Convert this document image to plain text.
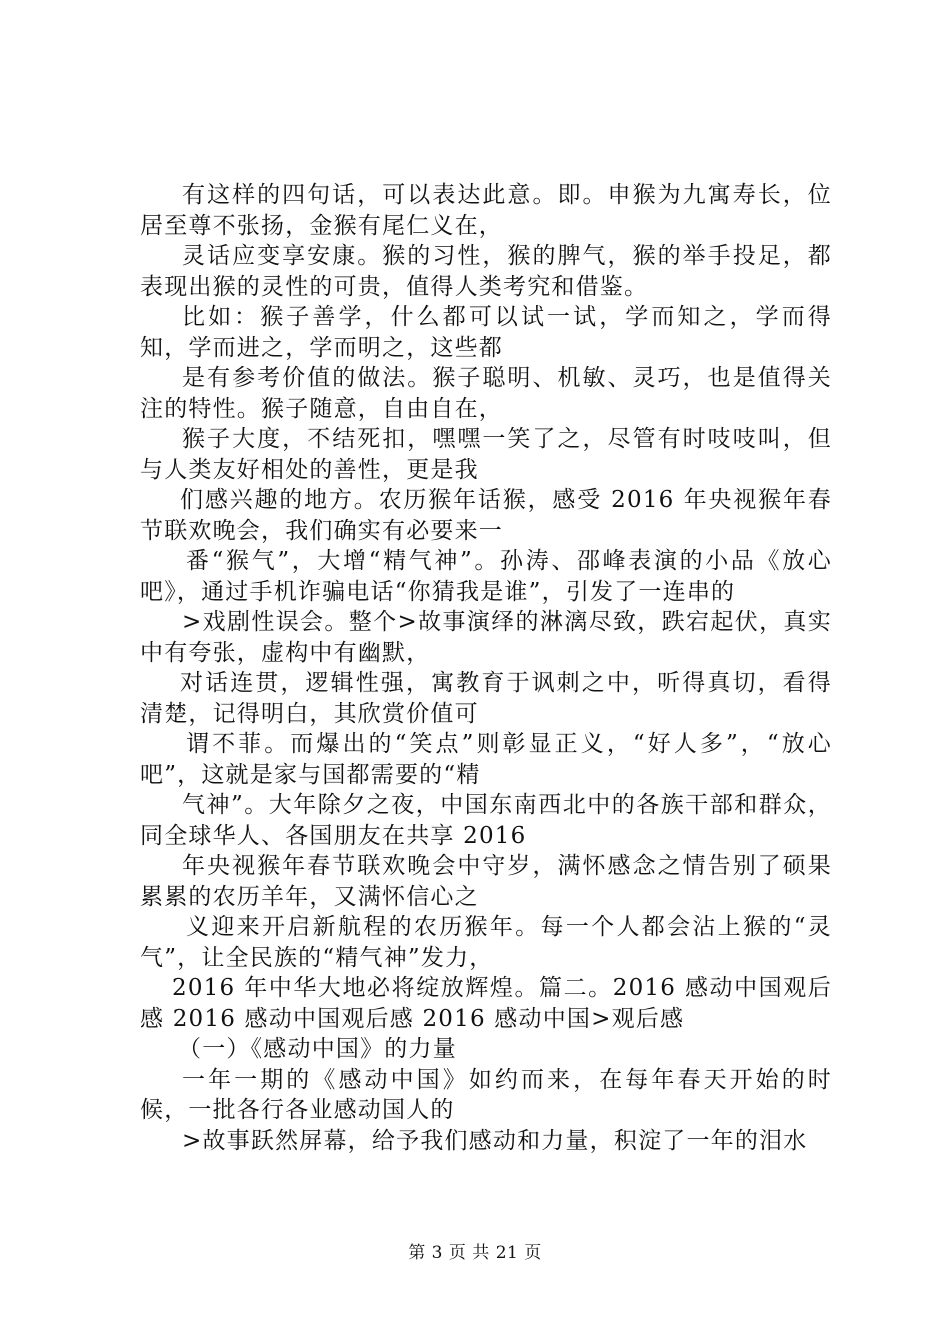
有这样的四句话，可以表达此意。即。申猴为九寓寿长，位居至尊不张扬，金猴有尾仁义在，

灵话应变享安康。猴的习性，猴的脾气，猴的举手投足，都表现出猴的灵性的可贵，值得人类考究和借鉴。

比如：猴子善学，什么都可以试一试，学而知之，学而得知，学而进之，学而明之，这些都

是有参考价值的做法。猴子聪明、机敏、灵巧，也是值得关注的特性。猴子随意，自由自在，

猴子大度，不结死扣，嘿嘿一笑了之，尽管有时吱吱叫，但与人类友好相处的善性，更是我

们感兴趣的地方。农历猴年话猴，感受 2016 年央视猴年春节联欢晚会，我们确实有必要来一

番“猴气”，大增“精气神”。孙涛、邵峰表演的小品《放心吧》，通过手机诈骗电话“你猜我是谁”，引发了一连串的

>戏剧性误会。整个>故事演绎的淋漓尽致，跌宕起伏，真实中有夸张，虚构中有幽默，

对话连贯，逻辑性强，寓教育于讽刺之中，听得真切，看得清楚，记得明白，其欣赏价值可

谓不菲。而爆出的“笑点”则彰显正义，“好人多”，“放心吧”，这就是家与国都需要的“精

气神”。大年除夕之夜，中国东南西北中的各族干部和群众，同全球华人、各国朋友在共享 2016

年央视猴年春节联欢晚会中守岁，满怀感念之情告别了硕果累累的农历羊年，又满怀信心之

义迎来开启新航程的农历猴年。每一个人都会沾上猴的“灵气”，让全民族的“精气神”发力，

2016 年中华大地必将绽放辉煌。篇二。2016 感动中国观后感 2016 感动中国观后感 2016 感动中国>观后感

（一）《感动中国》的力量

一年一期的《感动中国》如约而来，在每年春天开始的时候，一批各行各业感动国人的

>故事跃然屏幕，给予我们感动和力量，积淀了一年的泪水

第 3 页 共 21 页
